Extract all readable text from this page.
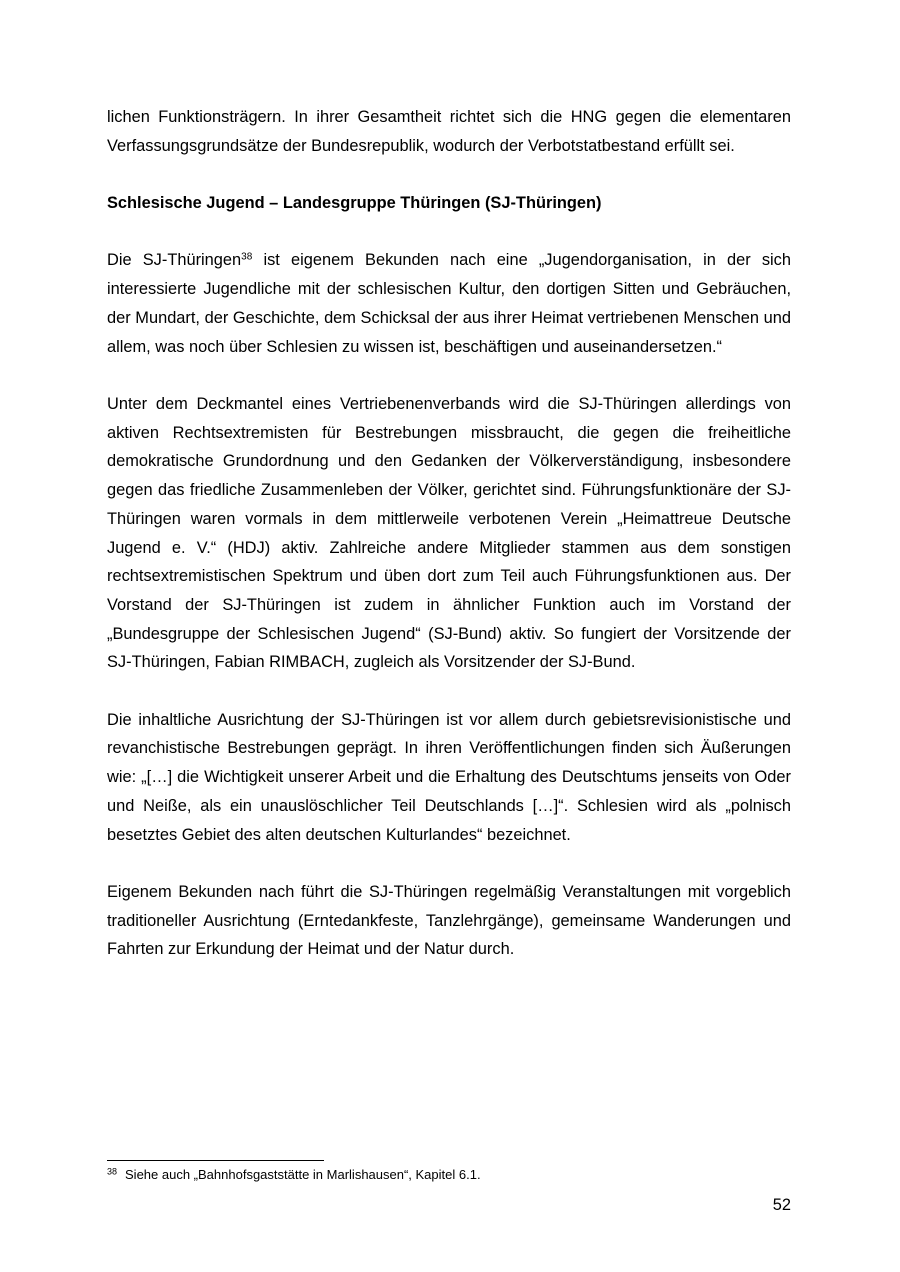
lichen Funktionsträgern. In ihrer Gesamtheit richtet sich die HNG gegen die elementaren Verfassungsgrundsätze der Bundesrepublik, wodurch der Verbotstatbestand erfüllt sei.

Schlesische Jugend – Landesgruppe Thüringen (SJ-Thüringen)

Die SJ-Thüringen$^{38}$ ist eigenem Bekunden nach eine „Jugendorganisation, in der sich interessierte Jugendliche mit der schlesischen Kultur, den dortigen Sitten und Gebräuchen, der Mundart, der Geschichte, dem Schicksal der aus ihrer Heimat vertriebenen Menschen und allem, was noch über Schlesien zu wissen ist, beschäftigen und auseinandersetzen.“

Unter dem Deckmantel eines Vertriebenenverbands wird die SJ-Thüringen allerdings von aktiven Rechtsextremisten für Bestrebungen missbraucht, die gegen die freiheitliche demokratische Grundordnung und den Gedanken der Völkerverständigung, insbesondere gegen das friedliche Zusammenleben der Völker, gerichtet sind. Führungsfunktionäre der SJ-Thüringen waren vormals in dem mittlerweile verbotenen Verein „Heimattreue Deutsche Jugend e. V.“ (HDJ) aktiv. Zahlreiche andere Mitglieder stammen aus dem sonstigen rechtsextremistischen Spektrum und üben dort zum Teil auch Führungsfunktionen aus. Der Vorstand der SJ-Thüringen ist zudem in ähnlicher Funktion auch im Vorstand der „Bundesgruppe der Schlesischen Jugend“ (SJ-Bund) aktiv. So fungiert der Vorsitzende der SJ-Thüringen, Fabian RIMBACH, zugleich als Vorsitzender der SJ-Bund.

Die inhaltliche Ausrichtung der SJ-Thüringen ist vor allem durch gebietsrevisionistische und revanchistische Bestrebungen geprägt. In ihren Veröffentlichungen finden sich Äußerungen wie: „[…] die Wichtigkeit unserer Arbeit und die Erhaltung des Deutschtums jenseits von Oder und Neiße, als ein unauslöschlicher Teil Deutschlands […]“. Schlesien wird als „polnisch besetztes Gebiet des alten deutschen Kulturlandes“ bezeichnet.

Eigenem Bekunden nach führt die SJ-Thüringen regelmäßig Veranstaltungen mit vorgeblich traditioneller Ausrichtung (Erntedankfeste, Tanzlehrgänge), gemeinsame Wanderungen und Fahrten zur Erkundung der Heimat und der Natur durch.

$^{38}$ Siehe auch „Bahnhofsgaststätte in Marlishausen“, Kapitel 6.1.
52
